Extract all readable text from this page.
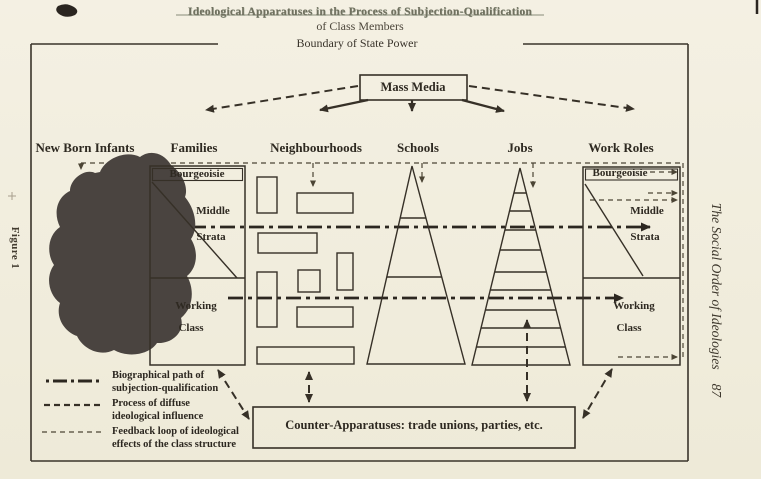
Ideological Apparatuses in the Process of Subjection-Qualification
of Class Members
Boundary of State Power
Mass Media
New Born Infants	Families	Neighbourhoods	Schools	Jobs	Work Roles
Bourgeoisie
Middle
Strata
Working
Class
Bourgeoisie
Middle
Strata
Working
Class
Counter-Apparatuses: trade unions, parties, etc.
Biographical path of subjection-qualification
Process of diffuse ideological influence
Feedback loop of ideological effects of the class structure
Figure 1	The Social Order of Ideologies87
